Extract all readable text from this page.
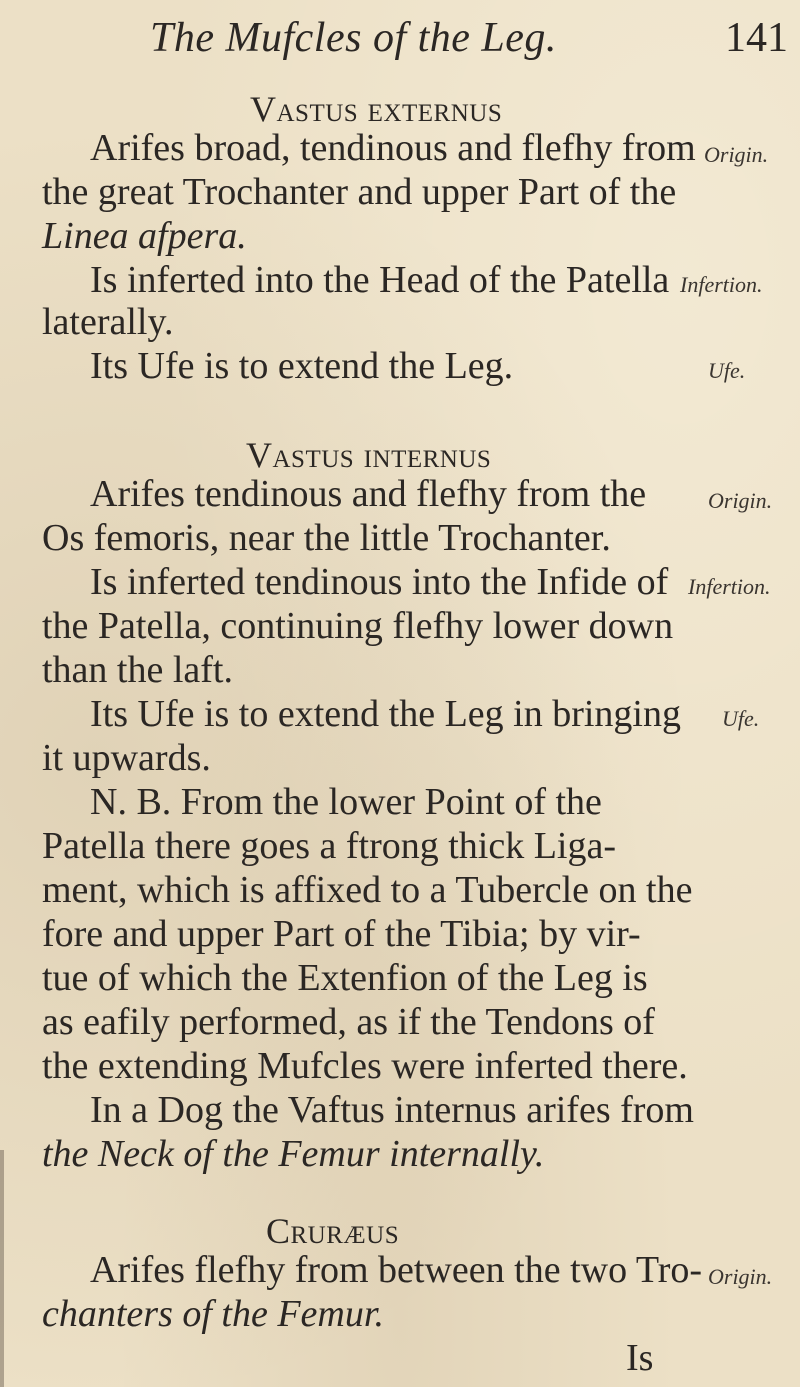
The Mufcles of the Leg.	141
Vastus externus
Arifes broad, tendinous and flefhy from Origin.
the great Trochanter and upper Part of the
Linea afpera.
Is inferted into the Head of the Patella Infertion.
laterally.
Its Ufe is to extend the Leg.	Ufe.
Vastus internus
Arifes tendinous and flefhy from the	Origin.
Os femoris, near the little Trochanter.
Is inferted tendinous into the Infide of Infertion.
the Patella, continuing flefhy lower down
than the laft.
Its Ufe is to extend the Leg in bringing Ufe.
it upwards.
N. B. From the lower Point of the
Patella there goes a ftrong thick Liga-
ment, which is affixed to a Tubercle on the
fore and upper Part of the Tibia; by vir-
tue of which the Extenfion of the Leg is
as eafily performed, as if the Tendons of
the extending Mufcles were inferted there.
In a Dog the Vaftus internus arifes from
the Neck of the Femur internally.
Cruræus
Arifes flefhy from between the two Tro- Origin.
chanters of the Femur.
Is
